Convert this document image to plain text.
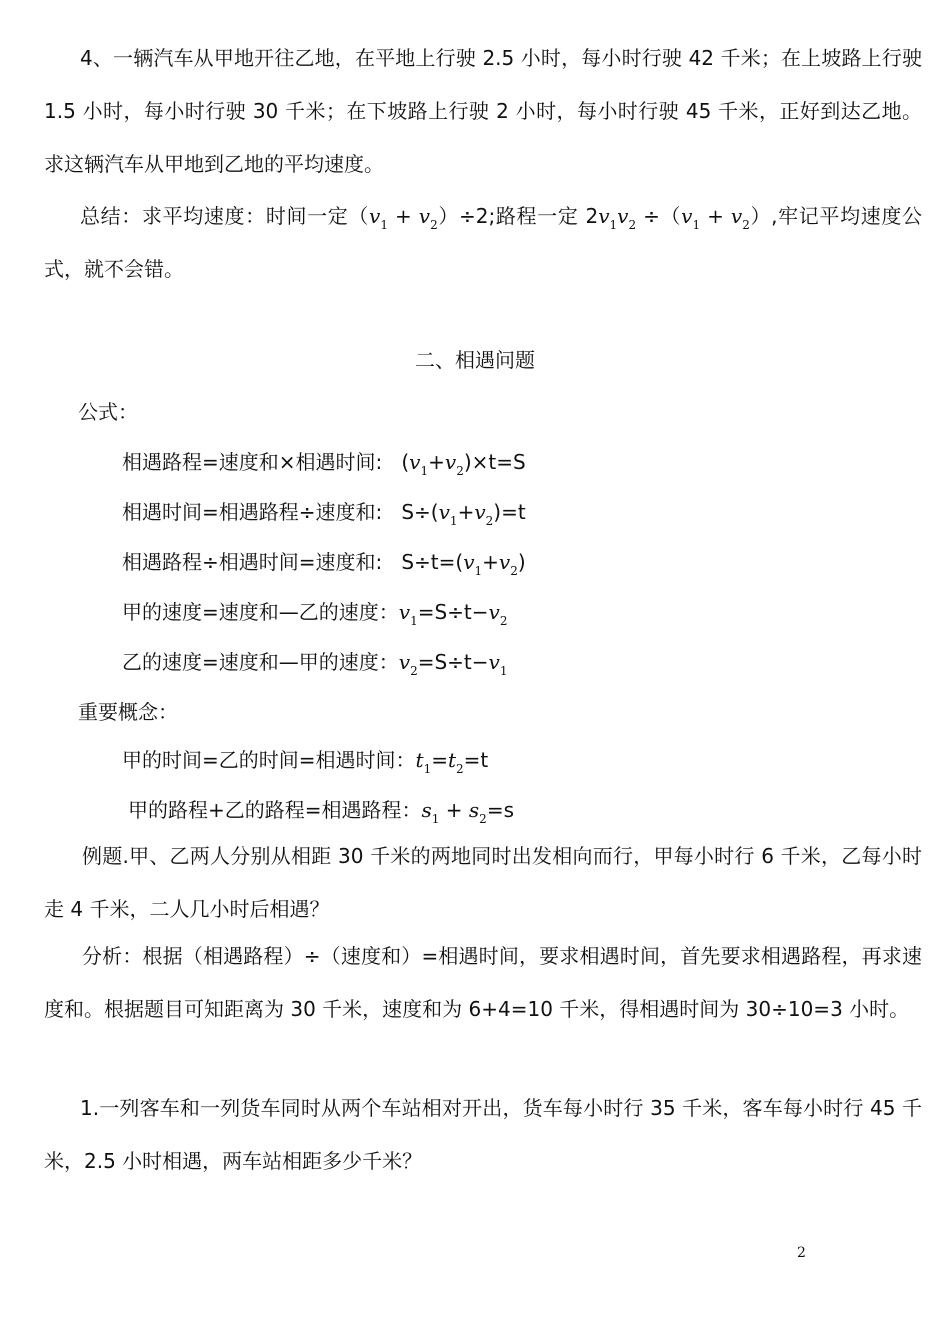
4、一辆汽车从甲地开往乙地，在平地上行驶 2.5 小时，每小时行驶 42 千米；在上坡路上行驶 1.5 小时，每小时行驶 30 千米；在下坡路上行驶 2 小时，每小时行驶 45 千米，正好到达乙地。求这辆汽车从甲地到乙地的平均速度。

总结：求平均速度：时间一定$(v_1 + v_2)\div 2$;路程一定 $2v_1v_2 \div(v_1 + v_2)$,牢记平均速度公式，就不会错。

二、相遇问题

公式：

相遇路程=速度和×相遇时间: $(v_1+v_2)\times t=S$

相遇时间=相遇路程÷速度和: $S\div(v_1+v_2)=t$

相遇路程÷相遇时间=速度和: $S\div t=(v_1+v_2)$

甲的速度=速度和—乙的速度：$v_1=S\div t-v_2$

乙的速度=速度和—甲的速度：$v_2=S\div t-v_1$

重要概念：

甲的时间=乙的时间=相遇时间：$t_1=t_2=t$

甲的路程+乙的路程=相遇路程：$s_1 + s_2=s$

例题.甲、乙两人分别从相距 30 千米的两地同时出发相向而行，甲每小时行 6 千米，乙每小时走 4 千米，二人几小时后相遇？

分析：根据（相遇路程）÷（速度和）=相遇时间，要求相遇时间，首先要求相遇路程，再求速度和。根据题目可知距离为 30 千米，速度和为 6+4=10 千米，得相遇时间为 30÷10=3 小时。

1.一列客车和一列货车同时从两个车站相对开出，货车每小时行 35 千米，客车每小时行 45 千米，2.5 小时相遇，两车站相距多少千米？

2
